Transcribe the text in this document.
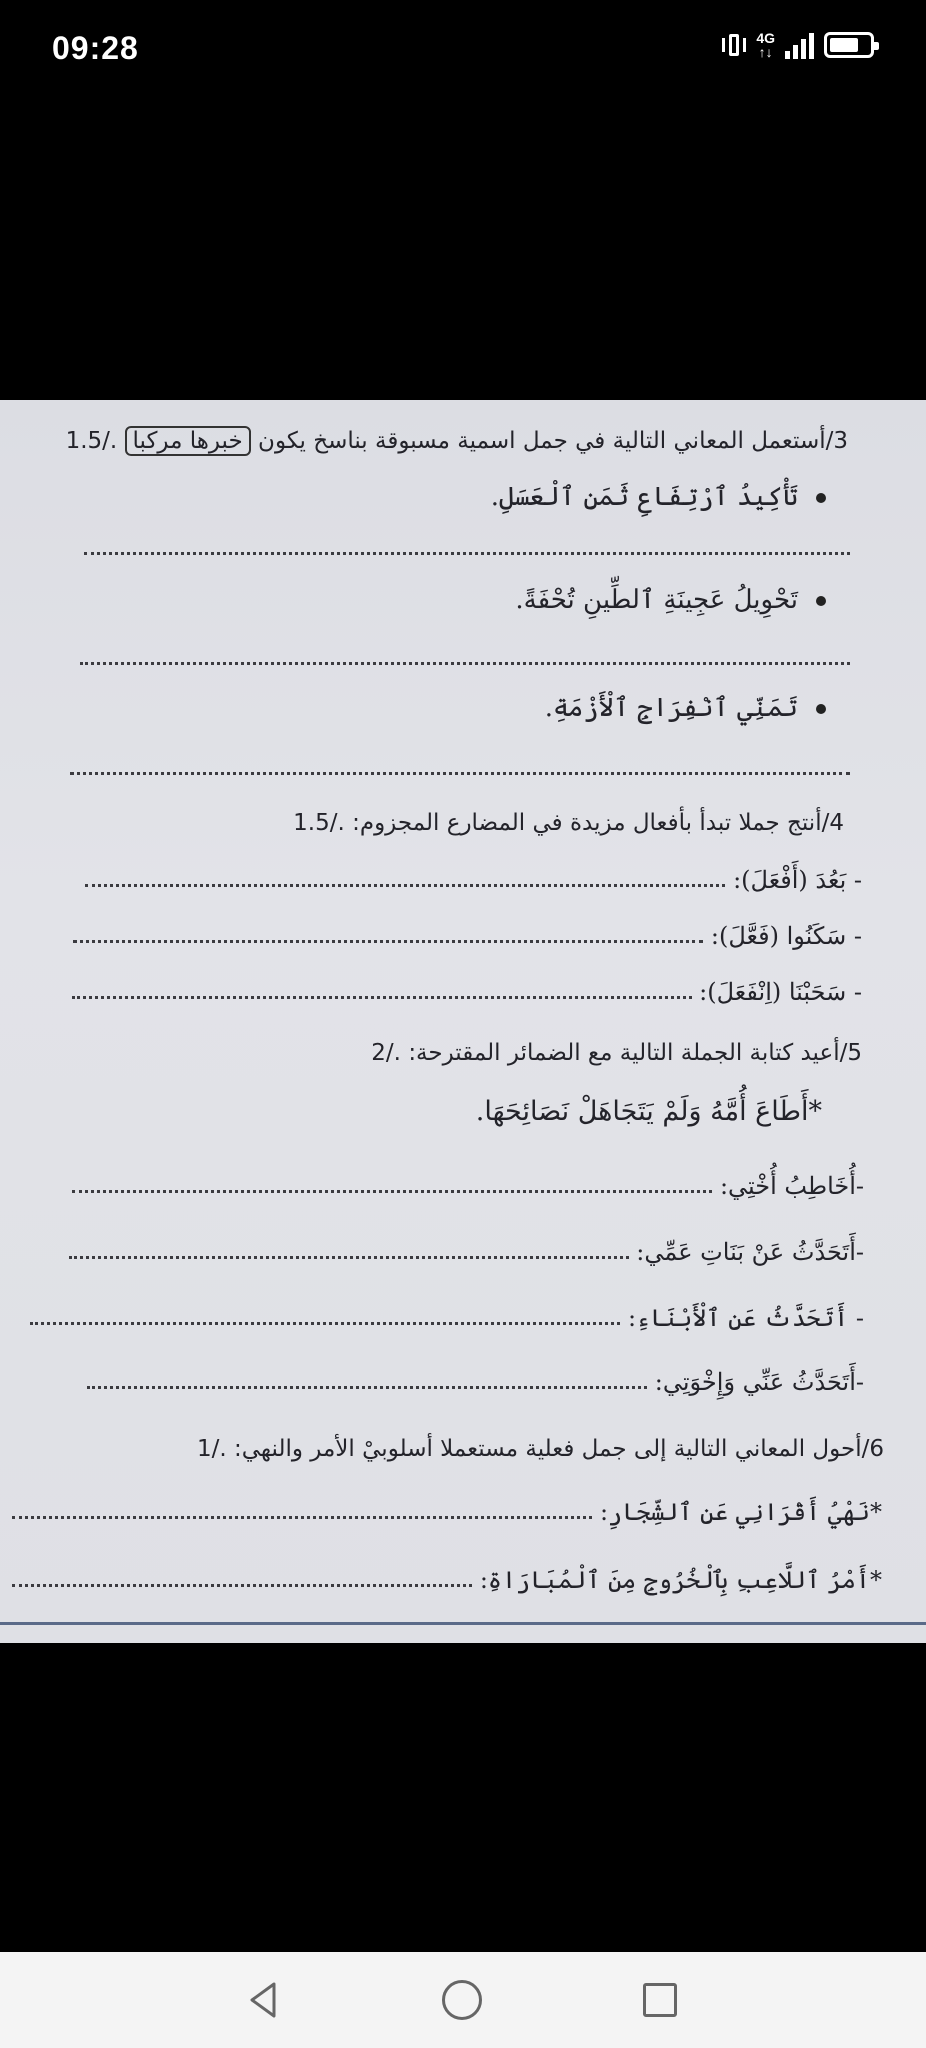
09:28	4G
↑↓
3/أستعمل المعاني التالية في جمل اسمية مسبوقة بناسخ يكون خبرها مركبا 1.5/.
تَأْكِيدُ ٱرْتِفَاعِ ثَمَنِ ٱلْعَسَلِ.
تَحْوِيلُ عَجِينَةِ ٱلطِّينِ تُحْفَةً.
تَمَنِّي ٱنْفِرَاجِ ٱلْأَزْمَةِ.
4/أنتج جملا تبدأ بأفعال مزيدة في المضارع المجزوم: 1.5/.
- بَعُدَ (أَفْعَلَ):
- سَكَنُوا (فَعَّلَ):
- سَحَبْنَا (اِنْفَعَلَ):
5/أعيد كتابة الجملة التالية مع الضمائر المقترحة: 2/.
*أَطَاعَ أُمَّهُ وَلَمْ يَتَجَاهَلْ نَصَائِحَهَا.
-أُخَاطِبُ أُخْتِي:
-أَتَحَدَّثُ عَنْ بَنَاتِ عَمِّي:
- أَتَحَدَّثُ عَنِ ٱلْأَبْنَاءِ:
-أَتَحَدَّثُ عَنِّي وَإِخْوَتِي:
6/أحول المعاني التالية إلى جمل فعلية مستعملا أسلوبيْ الأمر والنهي: 1/.
*نَهْيُ أَقْرَانِي عَنِ ٱلشِّجَارِ:
*أَمْرُ ٱللَّاعِبِ بِٱلْخُرُوجِ مِنَ ٱلْمُبَارَاةِ:
